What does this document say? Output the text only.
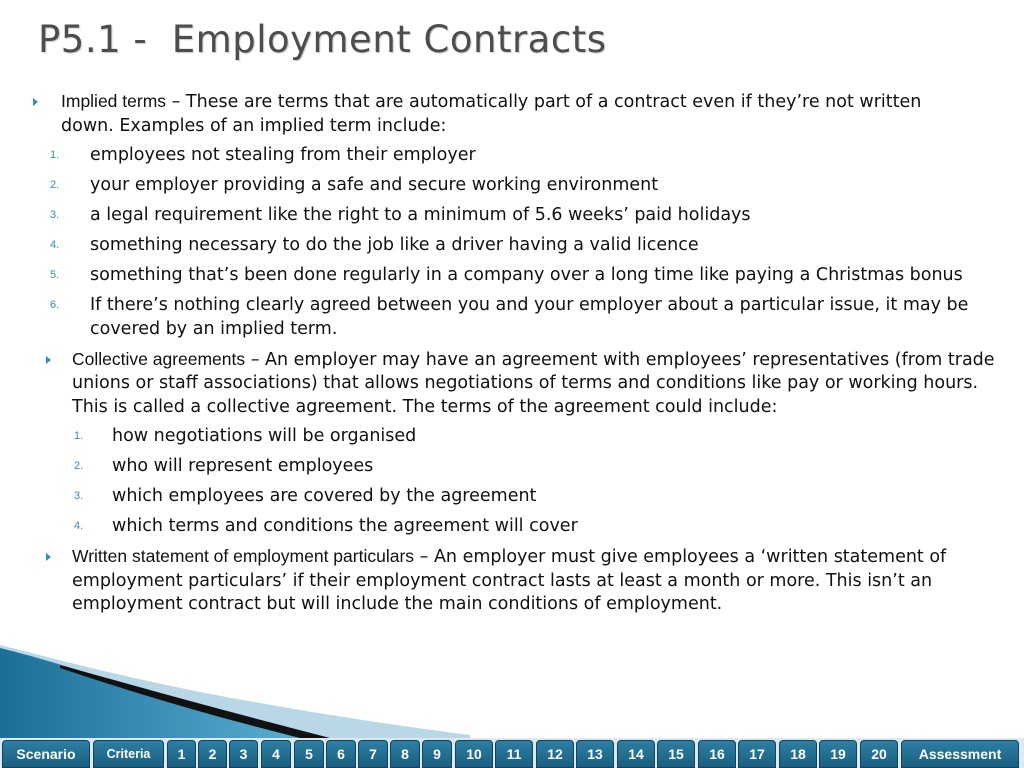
P5.1 -  Employment Contracts
Implied terms – These are terms that are automatically part of a contract even if they’re not written down. Examples of an implied term include:
1. employees not stealing from their employer
2. your employer providing a safe and secure working environment
3. a legal requirement like the right to a minimum of 5.6 weeks’ paid holidays
4. something necessary to do the job like a driver having a valid licence
5. something that’s been done regularly in a company over a long time like paying a Christmas bonus
6. If there’s nothing clearly agreed between you and your employer about a particular issue, it may be covered by an implied term.
Collective agreements – An employer may have an agreement with employees’ representatives (from trade unions or staff associations) that allows negotiations of terms and conditions like pay or working hours. This is called a collective agreement. The terms of the agreement could include:
1. how negotiations will be organised
2. who will represent employees
3. which employees are covered by the agreement
4. which terms and conditions the agreement will cover
Written statement of employment particulars – An employer must give employees a ‘written statement of employment particulars’ if their employment contract lasts at least a month or more. This isn’t an employment contract but will include the main conditions of employment.
Scenario	Criteria	1	2	3	4	5	6	7	8	9	10	11	12	13	14	15	16	17	18	19	20	Assessment
